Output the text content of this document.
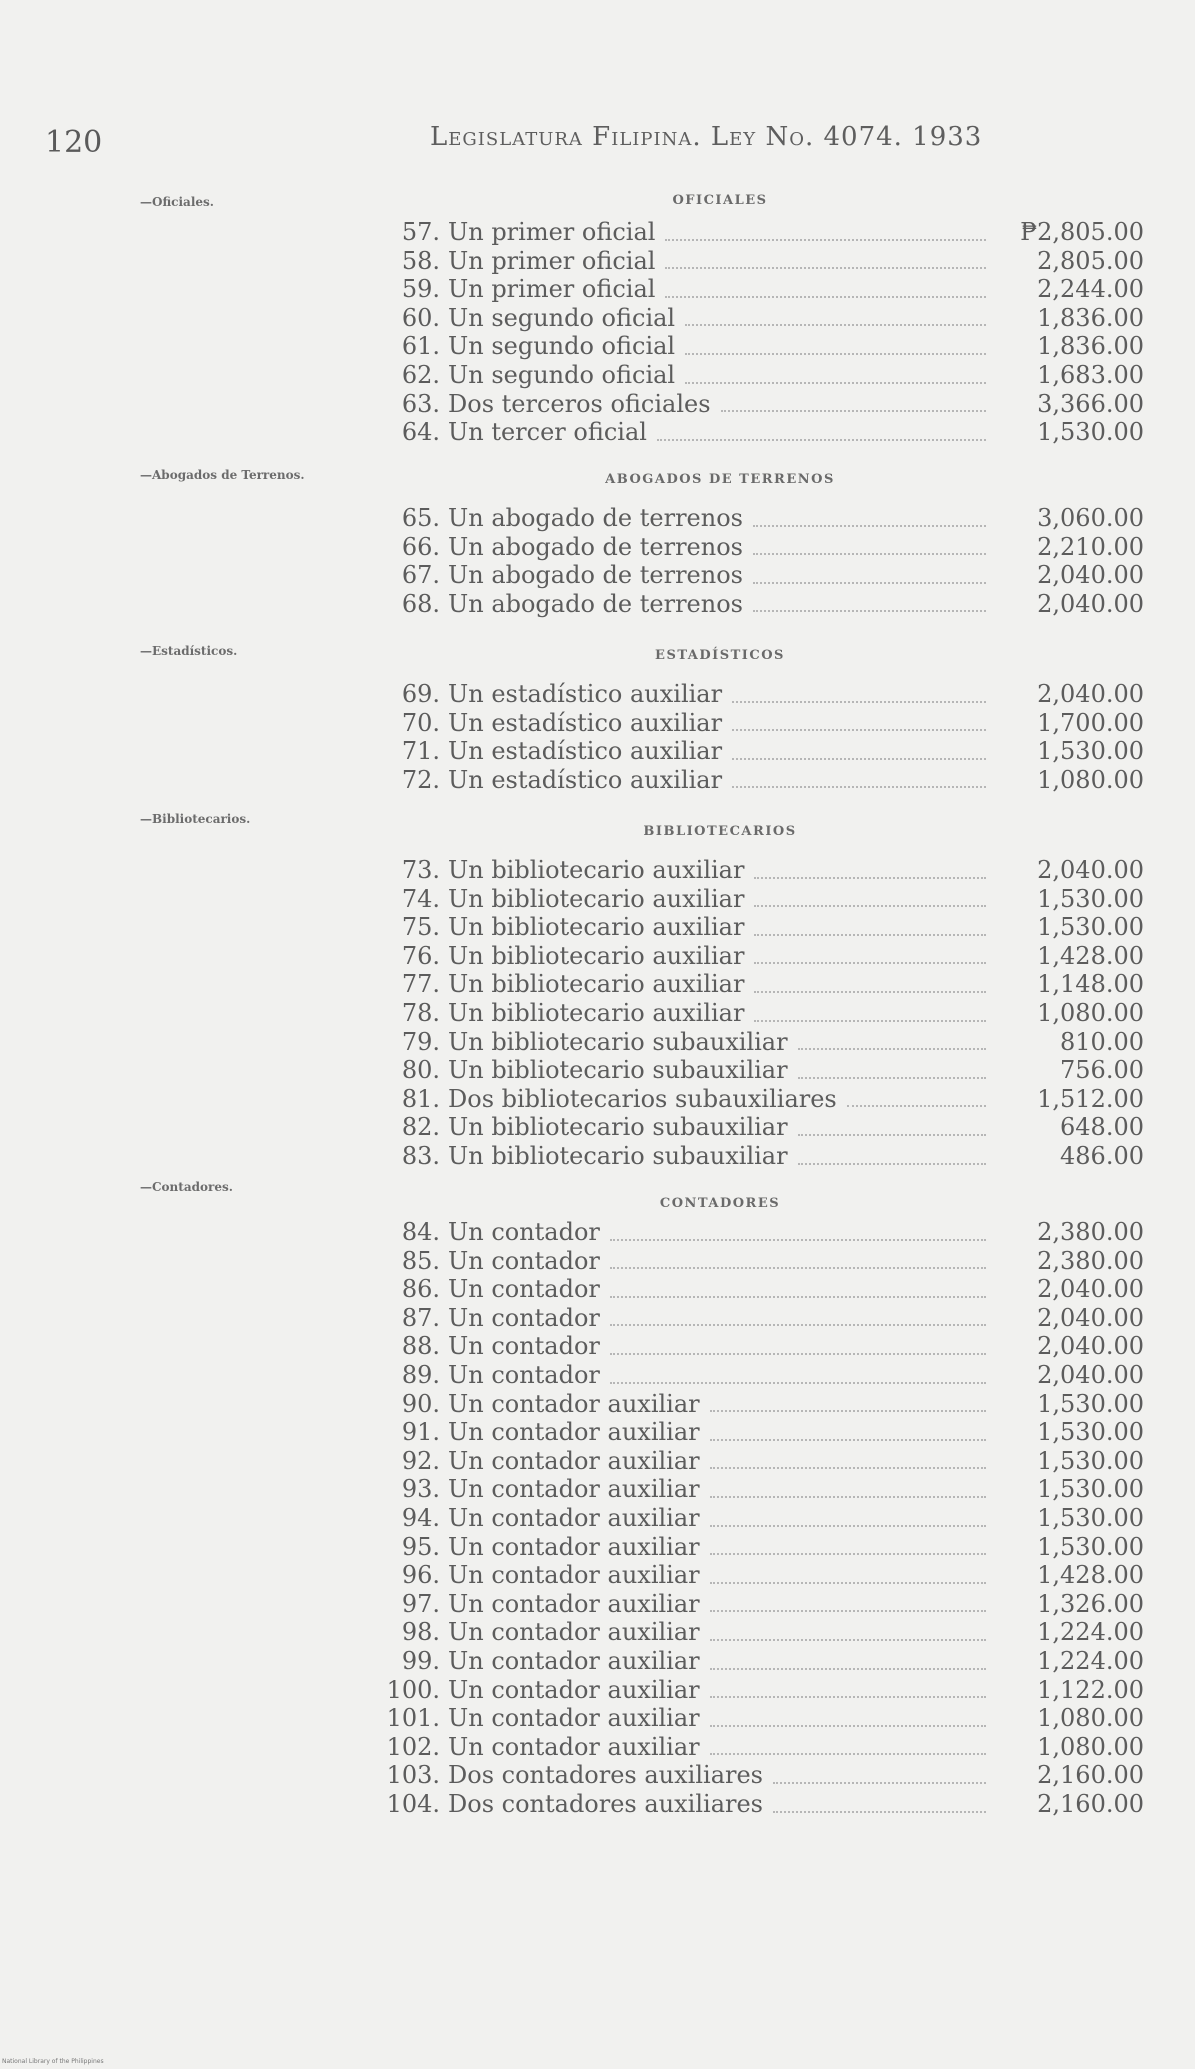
120	Legislatura Filipina. Ley No. 4074. 1933
—Oficiales.	OFICIALES
57. Un primer oficial	₱2,805.00
58. Un primer oficial	2,805.00
59. Un primer oficial	2,244.00
60. Un segundo oficial	1,836.00
61. Un segundo oficial	1,836.00
62. Un segundo oficial	1,683.00
63. Dos terceros oficiales	3,366.00
64. Un tercer oficial	1,530.00
—Abogados de Terrenos.	ABOGADOS DE TERRENOS
65. Un abogado de terrenos	3,060.00
66. Un abogado de terrenos	2,210.00
67. Un abogado de terrenos	2,040.00
68. Un abogado de terrenos	2,040.00
—Estadísticos.	ESTADÍSTICOS
69. Un estadístico auxiliar	2,040.00
70. Un estadístico auxiliar	1,700.00
71. Un estadístico auxiliar	1,530.00
72. Un estadístico auxiliar	1,080.00
—Bibliotecarios.
BIBLIOTECARIOS
73. Un bibliotecario auxiliar	2,040.00
74. Un bibliotecario auxiliar	1,530.00
75. Un bibliotecario auxiliar	1,530.00
76. Un bibliotecario auxiliar	1,428.00
77. Un bibliotecario auxiliar	1,148.00
78. Un bibliotecario auxiliar	1,080.00
79. Un bibliotecario subauxiliar	810.00
80. Un bibliotecario subauxiliar	756.00
81. Dos bibliotecarios subauxiliares	1,512.00
82. Un bibliotecario subauxiliar	648.00
83. Un bibliotecario subauxiliar	486.00
—Contadores.
CONTADORES
84. Un contador	2,380.00
85. Un contador	2,380.00
86. Un contador	2,040.00
87. Un contador	2,040.00
88. Un contador	2,040.00
89. Un contador	2,040.00
90. Un contador auxiliar	1,530.00
91. Un contador auxiliar	1,530.00
92. Un contador auxiliar	1,530.00
93. Un contador auxiliar	1,530.00
94. Un contador auxiliar	1,530.00
95. Un contador auxiliar	1,530.00
96. Un contador auxiliar	1,428.00
97. Un contador auxiliar	1,326.00
98. Un contador auxiliar	1,224.00
99. Un contador auxiliar	1,224.00
100. Un contador auxiliar	1,122.00
101. Un contador auxiliar	1,080.00
102. Un contador auxiliar	1,080.00
103. Dos contadores auxiliares	2,160.00
104. Dos contadores auxiliares	2,160.00
National Library of the Philippines
